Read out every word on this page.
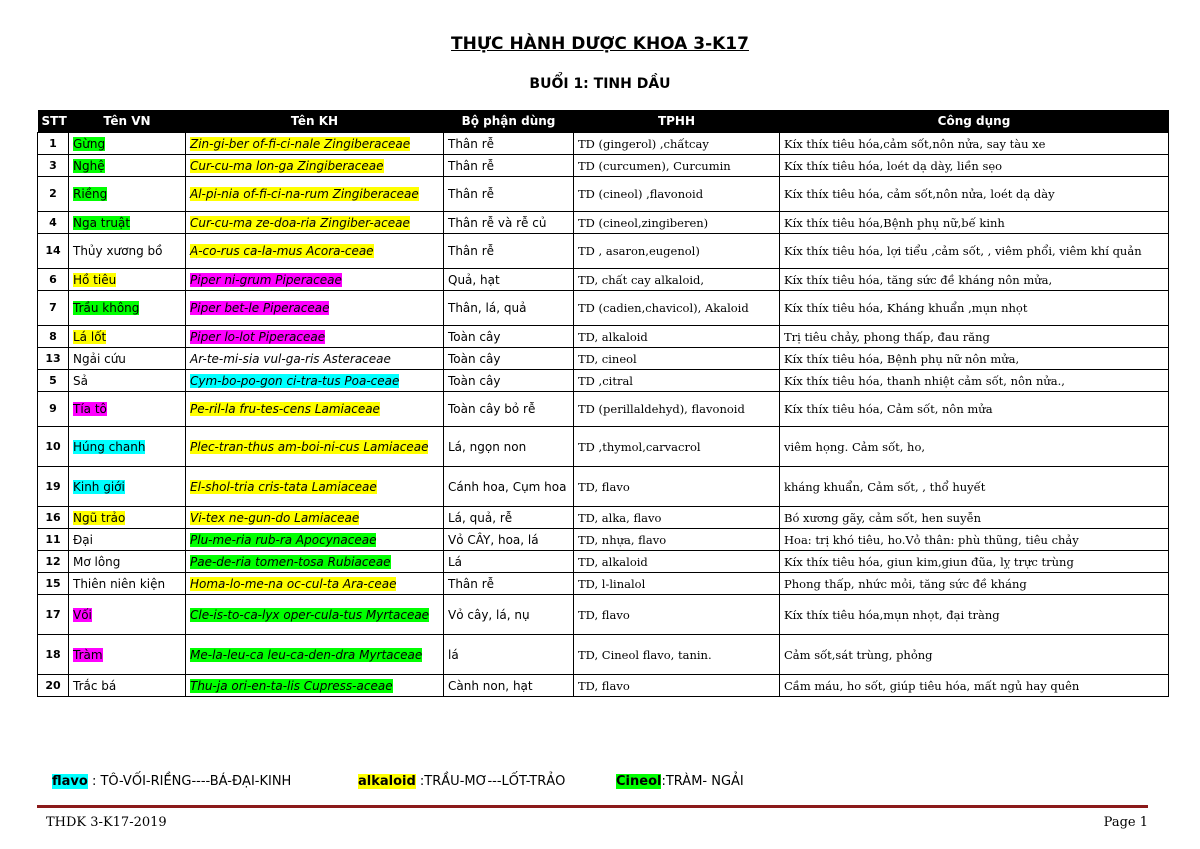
THỰC HÀNH DƯỢC KHOA 3-K17
BUỔI 1: TINH DẦU
STT	Tên VN	Tên KH	Bộ phận dùng	TPHH	Công dụng
1	Gừng	Zin-gi-ber of-fi-ci-nale Zingiberaceae	Thân rễ	TD (gingerol) ,chấtcay	Kíx thíx tiêu hóa,cảm sốt,nôn nửa, say tàu xe
3	Nghệ	Cur-cu-ma lon-ga Zingiberaceae	Thân rễ	TD (curcumen), Curcumin	Kíx thíx tiêu hóa, loét dạ dày, liền sẹo
2	Riềng	Al-pi-nia of-fi-ci-na-rum Zingiberaceae	Thân rễ	TD (cineol) ,flavonoid	Kíx thíx tiêu hóa, cảm sốt,nôn nửa, loét dạ dày
4	Nga truật	Cur-cu-ma ze-doa-ria Zingiber-aceae	Thân rễ và rễ củ	TD (cineol,zingiberen)	Kíx thíx tiêu hóa,Bệnh phụ nữ,bế kinh
14	Thủy xương bồ	A-co-rus ca-la-mus Acora-ceae	Thân rễ	TD , asaron,eugenol)	Kíx thíx tiêu hóa, lợi tiểu ,cảm sốt, , viêm phổi, viêm khí quản
6	Hồ tiêu	Piper ni-grum Piperaceae	Quả, hạt	TD, chất cay alkaloid,	Kíx thíx tiêu hóa, tăng sức đề kháng nôn mửa,
7	Trầu không	Piper bet-le Piperaceae	Thân, lá, quả	TD (cadien,chavicol), Akaloid	Kíx thíx tiêu hóa, Kháng khuẩn ,mụn nhọt
8	Lá lốt	Piper lo-lot Piperaceae	Toàn cây	TD, alkaloid	Trị tiêu chảy, phong thấp, đau răng
13	Ngải cứu	Ar-te-mi-sia vul-ga-ris Asteraceae	Toàn cây	TD, cineol	Kíx thíx tiêu hóa, Bệnh phụ nữ nôn mửa,
5	Sả	Cym-bo-po-gon ci-tra-tus Poa-ceae	Toàn cây	TD ,citral	Kíx thíx tiêu hóa, thanh nhiệt cảm sốt, nôn nửa.,
9	Tía tô	Pe-ril-la fru-tes-cens Lamiaceae	Toàn cây bỏ rễ	TD (perillaldehyd), flavonoid	Kíx thíx tiêu hóa, Cảm sốt, nôn mửa
10	Húng chanh	Plec-tran-thus am-boi-ni-cus Lamiaceae	Lá, ngọn non	TD ,thymol,carvacrol	viêm họng. Cảm sốt, ho,
19	Kinh giới	El-shol-tria cris-tata Lamiaceae	Cánh hoa, Cụm hoa	TD, flavo	kháng khuẩn, Cảm sốt, , thổ huyết
16	Ngũ trảo	Vi-tex ne-gun-do Lamiaceae	Lá, quả, rễ	TD, alka, flavo	Bó xương gãy, cảm sốt, hen suyễn
11	Đại	Plu-me-ria rub-ra Apocynaceae	Vỏ CÂY, hoa, lá	TD, nhựa, flavo	Hoa: trị khó tiêu, ho.Vỏ thân: phù thũng, tiêu chảy
12	Mơ lông	Pae-de-ria tomen-tosa Rubiaceae	Lá	TD, alkaloid	Kíx thíx tiêu hóa, giun kim,giun đũa, lỵ trực trùng
15	Thiên niên kiện	Homa-lo-me-na oc-cul-ta Ara-ceae	Thân rễ	TD, l-linalol	Phong thấp, nhức mỏi, tăng sức đề kháng
17	Vối	Cle-is-to-ca-lyx oper-cula-tus Myrtaceae	Vỏ cây, lá, nụ	TD, flavo	Kíx thíx tiêu hóa,mụn nhọt, đại tràng
18	Tràm	Me-la-leu-ca leu-ca-den-dra Myrtaceae	lá	TD, Cineol flavo, tanin.	Cảm sốt,sát trùng, phỏng
20	Trắc bá	Thu-ja ori-en-ta-lis Cupress-aceae	Cành non, hạt	TD, flavo	Cầm máu, ho sốt, giúp tiêu hóa, mất ngủ hay quên
flavo : TÔ-VỐI-RIỀNG----BÁ-ĐẠI-KINH	alkaloid :TRẦU-MƠ---LỐT-TRẢO	Cineol:TRÀM- NGẢI
THDK 3-K17-2019	Page 1
